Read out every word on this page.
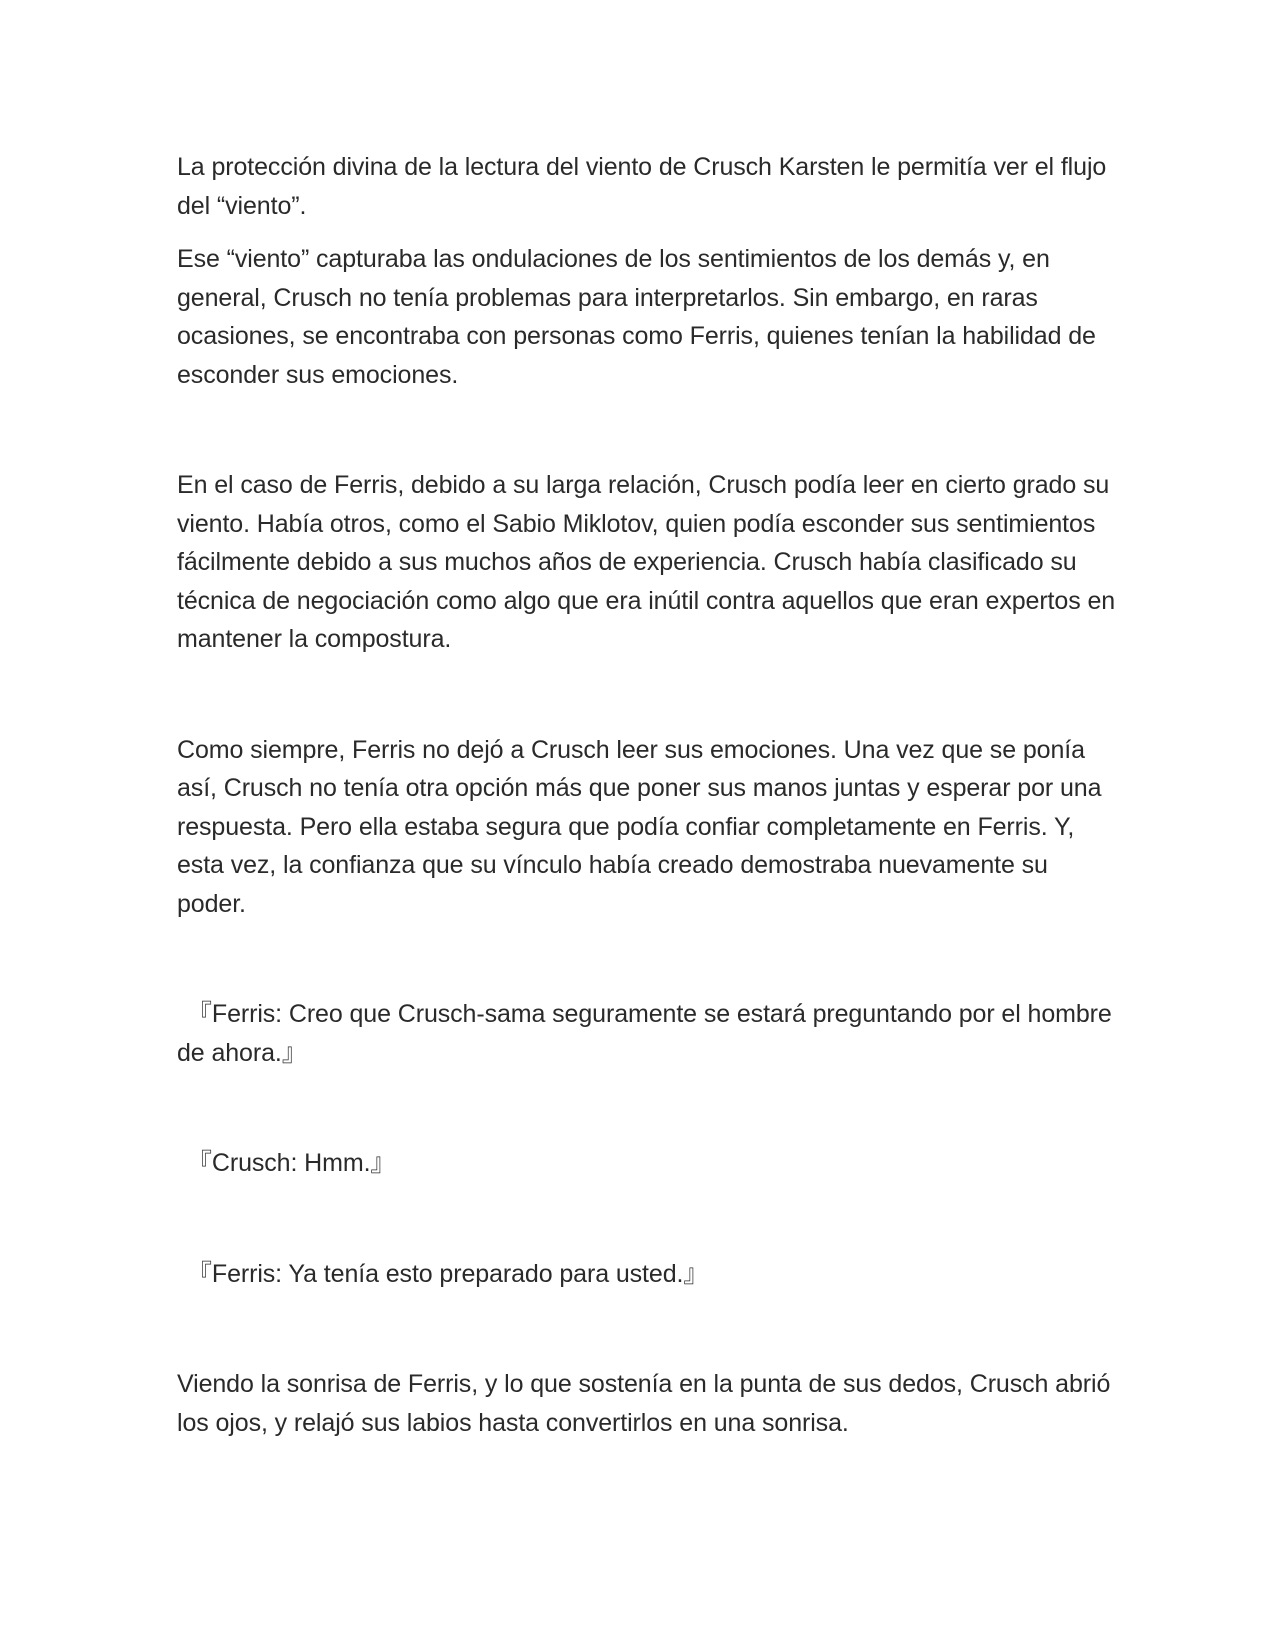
La protección divina de la lectura del viento de Crusch Karsten le permitía ver el flujo del “viento”.

Ese “viento” capturaba las ondulaciones de los sentimientos de los demás y, en general, Crusch no tenía problemas para interpretarlos. Sin embargo, en raras ocasiones, se encontraba con personas como Ferris, quienes tenían la habilidad de esconder sus emociones.

En el caso de Ferris, debido a su larga relación, Crusch podía leer en cierto grado su viento. Había otros, como el Sabio Miklotov, quien podía esconder sus sentimientos fácilmente debido a sus muchos años de experiencia. Crusch había clasificado su técnica de negociación como algo que era inútil contra aquellos que eran expertos en mantener la compostura.

Como siempre, Ferris no dejó a Crusch leer sus emociones. Una vez que se ponía así, Crusch no tenía otra opción más que poner sus manos juntas y esperar por una respuesta. Pero ella estaba segura que podía confiar completamente en Ferris. Y, esta vez, la confianza que su vínculo había creado demostraba nuevamente su poder.

『Ferris: Creo que Crusch-sama seguramente se estará preguntando por el hombre de ahora.』

『Crusch: Hmm.』

『Ferris: Ya tenía esto preparado para usted.』

Viendo la sonrisa de Ferris, y lo que sostenía en la punta de sus dedos, Crusch abrió los ojos, y relajó sus labios hasta convertirlos en una sonrisa.
